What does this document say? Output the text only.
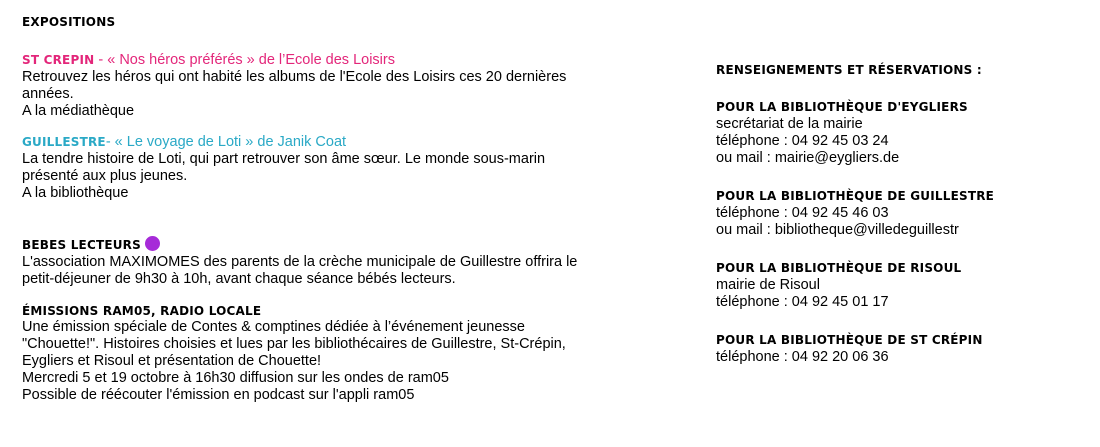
EXPOSITIONS
ST CREPIN - « Nos héros préférés » de l’Ecole des Loisirs
Retrouvez les héros qui ont habité les albums de l'Ecole des Loisirs ces 20 dernières
années.
A la médiathèque
GUILLESTRE- « Le voyage de Loti » de Janik Coat
La tendre histoire de Loti, qui part retrouver son âme sœur. Le monde sous-marin
présenté aux plus jeunes.
A la bibliothèque
BEBES LECTEURS
L'association MAXIMOMES des parents de la crèche municipale de Guillestre offrira le
petit-déjeuner de 9h30 à 10h, avant chaque séance bébés lecteurs.
ÉMISSIONS RAM05, RADIO LOCALE
Une émission spéciale de Contes & comptines dédiée à l’événement jeunesse
"Chouette!". Histoires choisies et lues par les bibliothécaires de Guillestre, St-Crépin,
Eygliers et Risoul et présentation de Chouette!
Mercredi 5 et 19 octobre à 16h30 diffusion sur les ondes de ram05
Possible de réécouter l'émission en podcast sur l'appli ram05
RENSEIGNEMENTS ET RÉSERVATIONS :
POUR LA BIBLIOTHÈQUE D'EYGLIERS
secrétariat de la mairie
téléphone : 04 92 45 03 24
ou mail : mairie@eygliers.de
POUR LA BIBLIOTHÈQUE DE GUILLESTRE
téléphone : 04 92 45 46 03
ou mail : bibliotheque@villedeguillestr
POUR LA BIBLIOTHÈQUE DE RISOUL
mairie de Risoul
téléphone : 04 92 45 01 17
POUR LA BIBLIOTHÈQUE DE ST CRÉPIN
téléphone : 04 92 20 06 36
